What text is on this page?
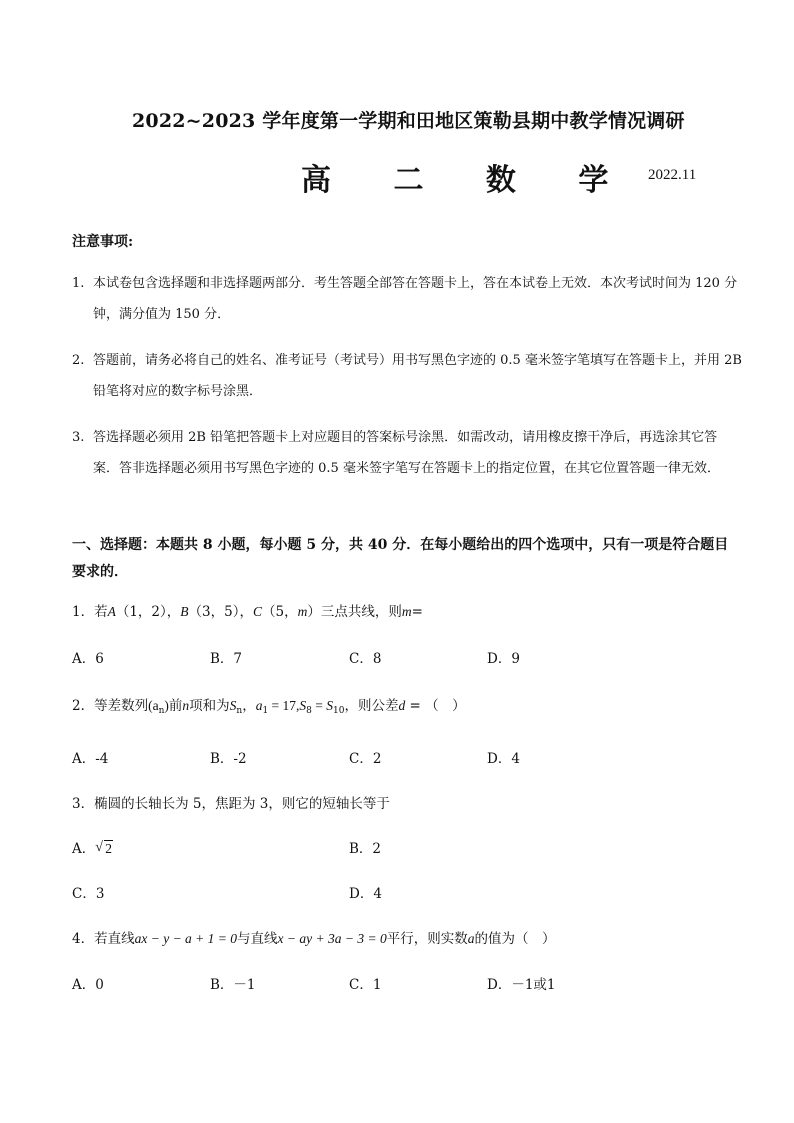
2022~2023 学年度第一学期和田地区策勒县期中教学情况调研
高 二 数 学 2022.11
注意事项:
1. 本试卷包含选择题和非选择题两部分．考生答题全部答在答题卡上，答在本试卷上无效．本次考试时间为 120 分钟，满分值为 150 分．
2. 答题前，请务必将自己的姓名、准考证号（考试号）用书写黑色字迹的 0.5 毫米签字笔填写在答题卡上，并用 2B 铅笔将对应的数字标号涂黑．
3. 答选择题必须用 2B 铅笔把答题卡上对应题目的答案标号涂黑．如需改动，请用橡皮擦干净后，再选涂其它答案．答非选择题必须用书写黑色字迹的 0.5 毫米签字笔写在答题卡上的指定位置，在其它位置答题一律无效．
一、选择题：本题共 8 小题，每小题 5 分，共 40 分．在每小题给出的四个选项中，只有一项是符合题目
要求的．
1．若A（1，2），B（3，5），C（5，m）三点共线，则m=
A．6	B．7	C．8	D．9
2．等差数列$(a_n)$前n项和为$S_n$，$a_1 = 17,S_8 = S_{10}$，则公差d = （　）
A．-4	B．-2	C．2	D．4
3．椭圆的长轴长为 5，焦距为 3，则它的短轴长等于
A．√ 2	B．2
C．3	D．4
4．若直线ax − y − a + 1 = 0与直线x − ay + 3a − 3 = 0平行，则实数a的值为（　）
A．0	B．－1	C．1	D．－1或1
